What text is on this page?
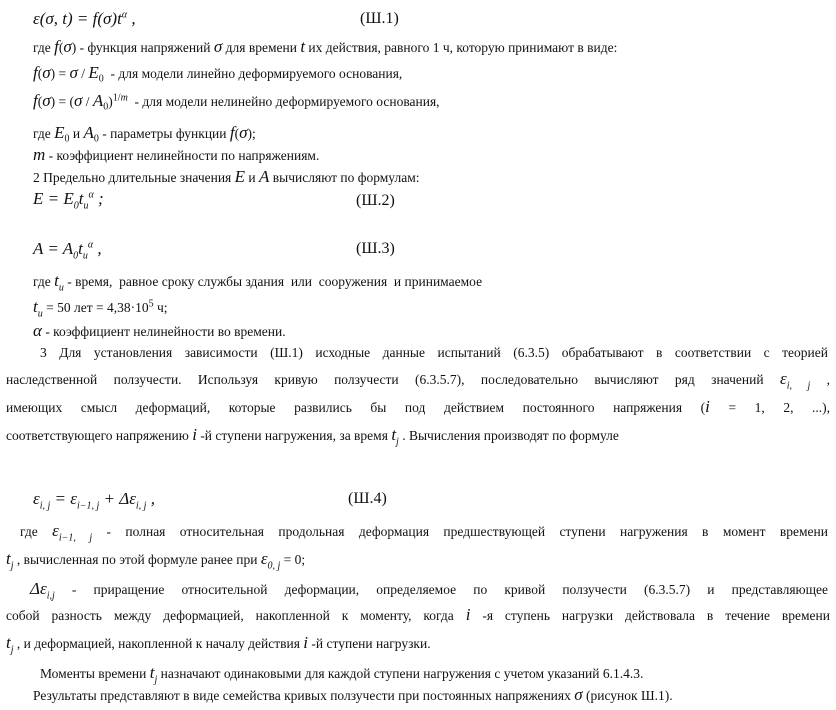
ε(σ, $t) = f(\sigma)t^\alpha$ ,	(Ш.1)
где f(σ) - функция напряжений σ для времени t их действия, равного 1 ч, которую принимают в виде:
$f(\sigma) = \sigma / E_0$  - для модели линейно деформируемого основания,
$f(\sigma) = (\sigma / A_0)^{1/m}$  - для модели нелинейно деформируемого основания,
где $E_0$ и $A_0$ - параметры функции f(σ);
m - коэффициент нелинейности по напряжениям.
2 Предельно длительные значения E и A вычисляют по формулам:
$E = E_0t_u^\alpha$ ;	(Ш.2)
$A = A_0t_u^\alpha$ ,	(Ш.3)
где $t_u$ - время,  равное сроку службы здания  или  сооружения  и принимаемое
$t_u = 50$ лет = $4,38\cdot 10^5$ ч;
α - коэффициент нелинейности во времени.
3 Для установления зависимости (Ш.1) исходные данные испытаний (6.3.5) обрабатывают в соответствии с теорией
наследственной ползучести. Используя кривую ползучести (6.3.5.7), последовательно вычисляют ряд значений $\varepsilon_{i, j}$ ,
имеющих смысл деформаций, которые развились бы под действием постоянного напряжения (i = 1, 2, ...),
соответствующего напряжению i -й ступени нагружения, за время $t_j$ . Вычисления производят по формуле
$\varepsilon_{i, j} = \varepsilon_{i-1, j} + \Delta\varepsilon_{i, j}$ ,	(Ш.4)
где $\varepsilon_{i-1, j}$ - полная относительная продольная деформация предшествующей ступени нагружения в момент времени
$t_j$ , вычисленная по этой формуле ранее при $\varepsilon_{0, j} = 0$;
$\Delta\varepsilon_{i,j}$ - приращение относительной деформации, определяемое по кривой ползучести (6.3.5.7) и представляющее
собой разность между деформацией, накопленной к моменту, когда i -я ступень нагрузки действовала в течение времени
$t_j$ , и деформацией, накопленной к началу действия i -й ступени нагрузки.
Моменты времени $t_j$ назначают одинаковыми для каждой ступени нагружения с учетом указаний 6.1.4.3.
Результаты представляют в виде семейства кривых ползучести при постоянных напряжениях σ (рисунок Ш.1).
